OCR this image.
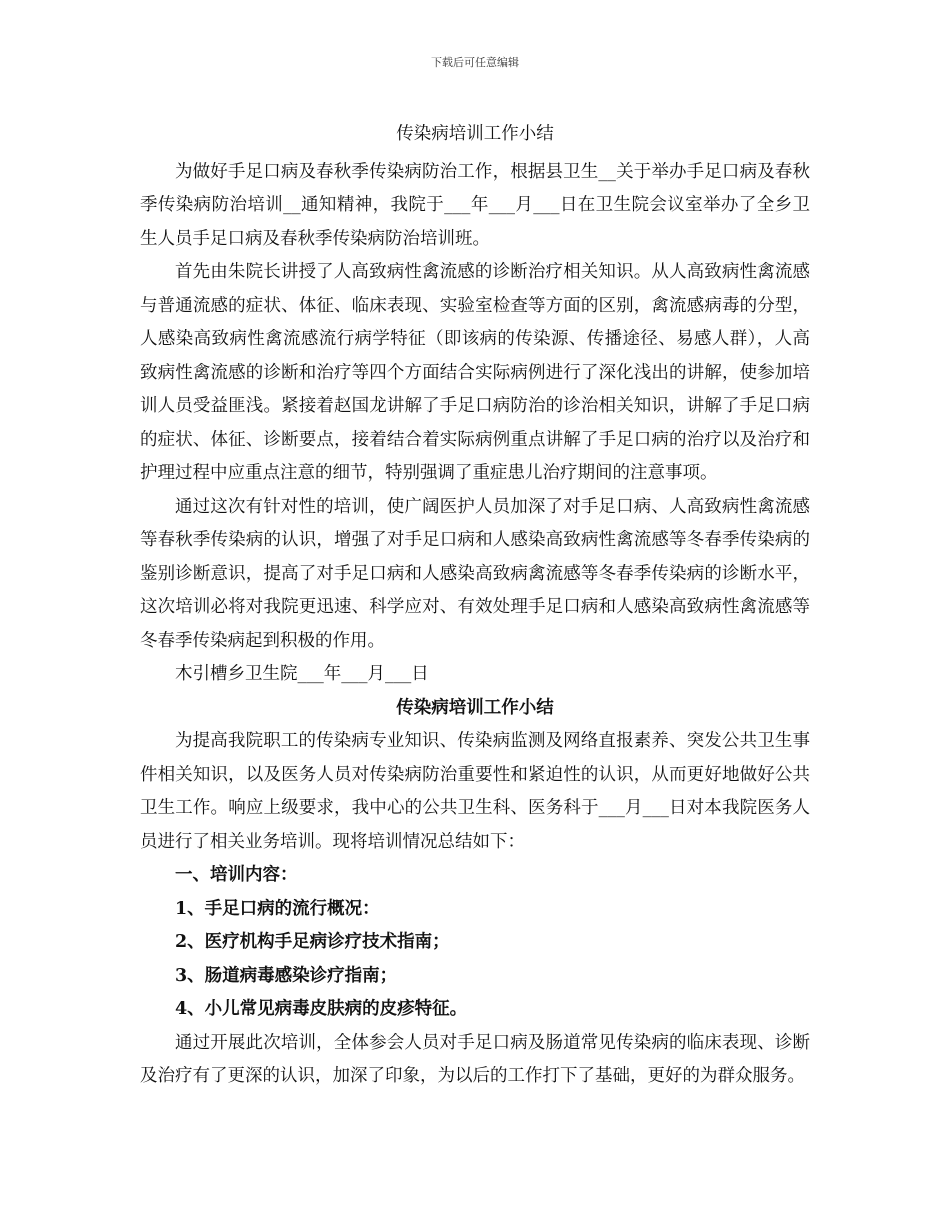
下载后可任意编辑
传染病培训工作小结

为做好手足口病及春秋季传染病防治工作，根据县卫生__关于举办手足口病及春秋季传染病防治培训__通知精神，我院于___年___月___日在卫生院会议室举办了全乡卫生人员手足口病及春秋季传染病防治培训班。

首先由朱院长讲授了人高致病性禽流感的诊断治疗相关知识。从人高致病性禽流感与普通流感的症状、体征、临床表现、实验室检查等方面的区别，禽流感病毒的分型，人感染高致病性禽流感流行病学特征（即该病的传染源、传播途径、易感人群），人高致病性禽流感的诊断和治疗等四个方面结合实际病例进行了深化浅出的讲解，使参加培训人员受益匪浅。紧接着赵国龙讲解了手足口病防治的诊治相关知识，讲解了手足口病的症状、体征、诊断要点，接着结合着实际病例重点讲解了手足口病的治疗以及治疗和护理过程中应重点注意的细节，特别强调了重症患儿治疗期间的注意事项。

通过这次有针对性的培训，使广阔医护人员加深了对手足口病、人高致病性禽流感等春秋季传染病的认识，增强了对手足口病和人感染高致病性禽流感等冬春季传染病的鉴别诊断意识，提高了对手足口病和人感染高致病禽流感等冬春季传染病的诊断水平，这次培训必将对我院更迅速、科学应对、有效处理手足口病和人感染高致病性禽流感等冬春季传染病起到积极的作用。

木引槽乡卫生院___年___月___日

传染病培训工作小结

为提高我院职工的传染病专业知识、传染病监测及网络直报素养、突发公共卫生事件相关知识，以及医务人员对传染病防治重要性和紧迫性的认识，从而更好地做好公共卫生工作。响应上级要求，我中心的公共卫生科、医务科于___月___日对本我院医务人员进行了相关业务培训。现将培训情况总结如下：

一、培训内容：

1、手足口病的流行概况：

2、医疗机构手足病诊疗技术指南；

3、肠道病毒感染诊疗指南；

4、小儿常见病毒皮肤病的皮疹特征。

通过开展此次培训，全体参会人员对手足口病及肠道常见传染病的临床表现、诊断及治疗有了更深的认识，加深了印象，为以后的工作打下了基础，更好的为群众服务。
